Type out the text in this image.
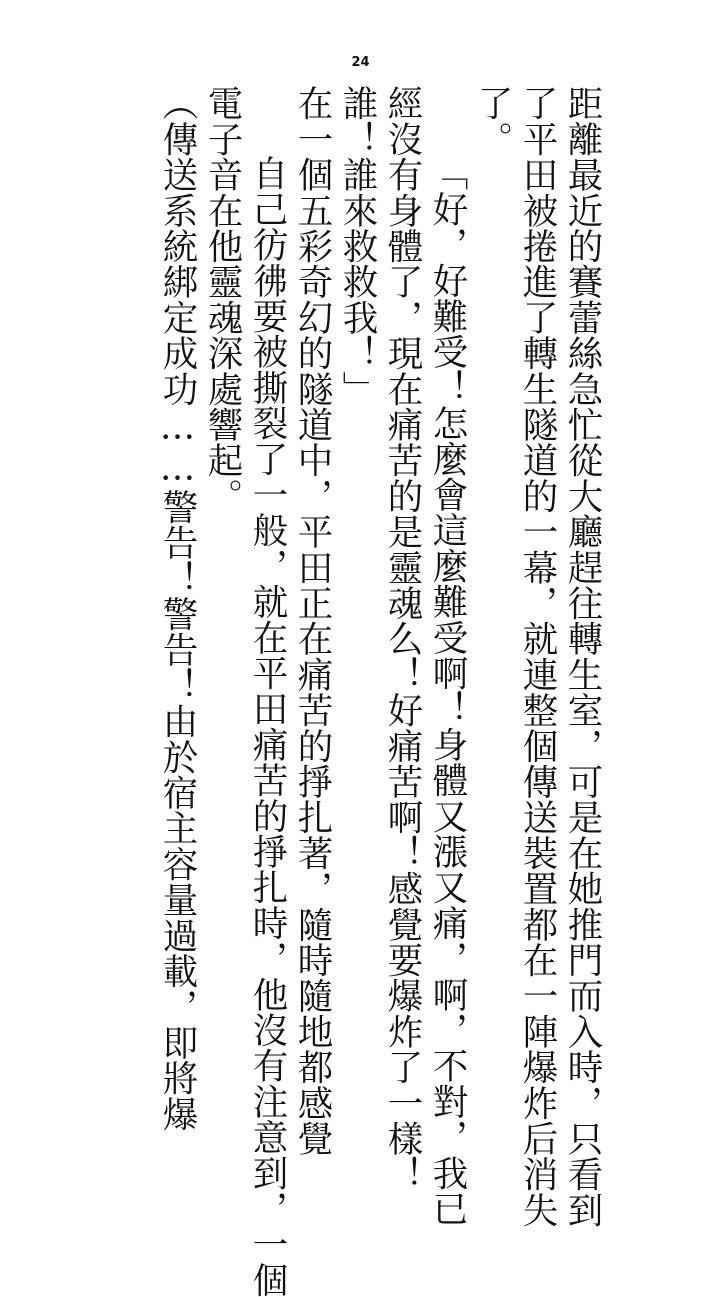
24
距離最近的賽蕾絲急忙從大廳趕往轉生室，可是在她推門而入時，只看到
了平田被捲進了轉生隧道的一幕，就連整個傳送裝置都在一陣爆炸后消失
了。
「好，好難受！怎麼會這麼難受啊！身體又漲又痛，啊，不對，我已
經沒有身體了，現在痛苦的是靈魂么！好痛苦啊！感覺要爆炸了一樣！
誰！誰來救救我！」
在一個五彩奇幻的隧道中，平田正在痛苦的掙扎著，隨時隨地都感覺
自己彷彿要被撕裂了一般，就在平田痛苦的掙扎時，他沒有注意到，一個
電子音在他靈魂深處響起。
（傳送系統綁定成功……警告！警告！由於宿主容量過載，即將爆
